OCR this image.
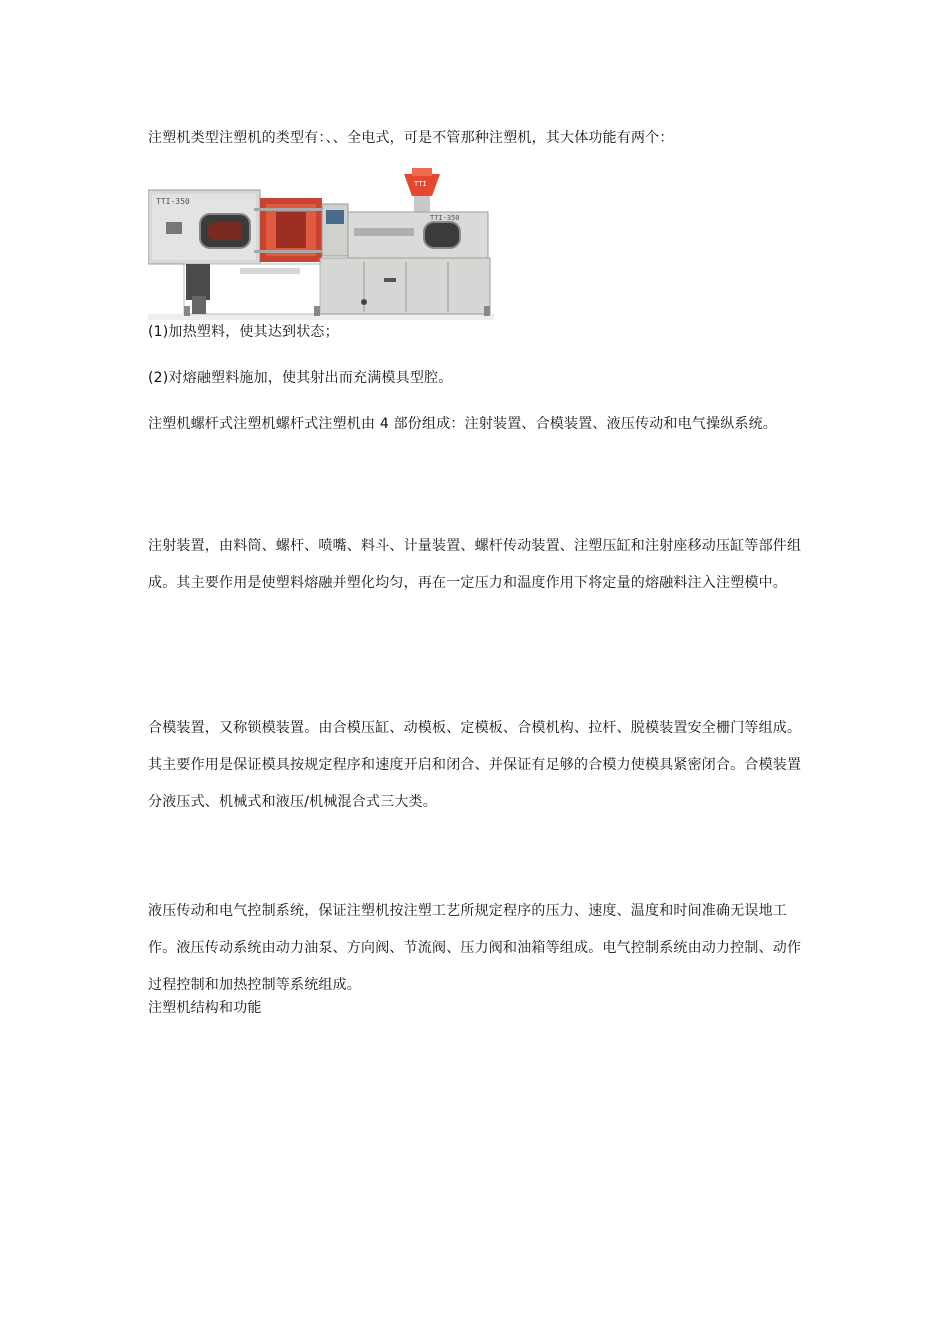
注塑机类型注塑机的类型有：、、全电式，可是不管那种注塑机，其大体功能有两个：
TTI-350
TTI-350
TTI
(1)加热塑料，使其达到状态；
(2)对熔融塑料施加，使其射出而充满模具型腔。
注塑机螺杆式注塑机螺杆式注塑机由 4 部份组成：注射装置、合模装置、液压传动和电气操纵系统。
注射装置，由料筒、螺杆、喷嘴、料斗、计量装置、螺杆传动装置、注塑压缸和注射座移动压缸等部件组成。其主要作用是使塑料熔融并塑化均匀，再在一定压力和温度作用下将定量的熔融料注入注塑模中。
合模装置，又称锁模装置。由合模压缸、动模板、定模板、合模机构、拉杆、脱模装置安全栅门等组成。其主要作用是保证模具按规定程序和速度开启和闭合、并保证有足够的合模力使模具紧密闭合。合模装置分液压式、机械式和液压/机械混合式三大类。
液压传动和电气控制系统，保证注塑机按注塑工艺所规定程序的压力、速度、温度和时间准确无误地工作。液压传动系统由动力油泵、方向阀、节流阀、压力阀和油箱等组成。电气控制系统由动力控制、动作过程控制和加热控制等系统组成。
注塑机结构和功能
